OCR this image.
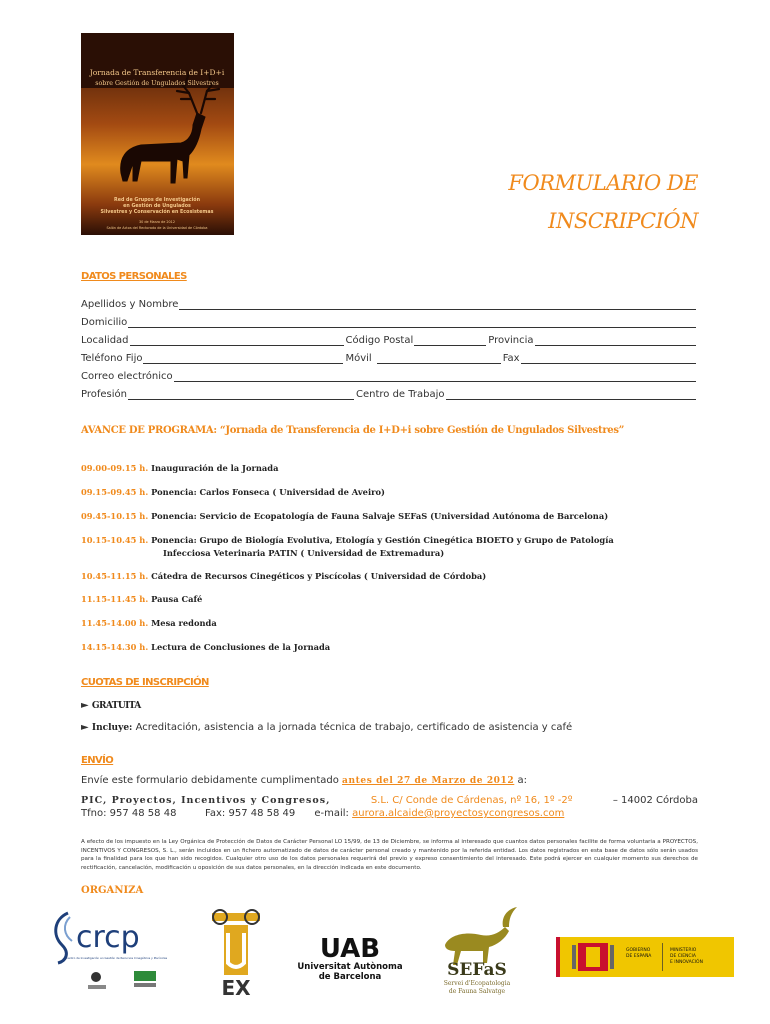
Jornada de Transferencia de I+D+i
sobre Gestión de Ungulados Silvestres
Red de Grupos de Investigación
en Gestión de Ungulados
Silvestres y Conservación en Ecosistemas
30 de Marzo de 2012
Salón de Actos del Rectorado de la Universidad de Córdoba
FORMULARIO DE
INSCRIPCIÓN
DATOS PERSONALES
Apellidos y Nombre
Domicilio
Localidad	Código Postal	Provincia
Teléfono Fijo	Móvil	Fax
Correo electrónico
Profesión	Centro de Trabajo
AVANCE DE PROGRAMA: “Jornada de Transferencia de I+D+i sobre Gestión de Ungulados Silvestres”
09.00-09.15 h. Inauguración de la Jornada
09.15-09.45 h. Ponencia: Carlos Fonseca ( Universidad de Aveiro)
09.45-10.15 h. Ponencia: Servicio de Ecopatología de Fauna Salvaje SEFaS (Universidad Autónoma de Barcelona)
10.15-10.45 h. Ponencia: Grupo de Biología Evolutiva, Etología y Gestión Cinegética BIOETO y Grupo de Patología
Infecciosa Veterinaria PATIN ( Universidad de Extremadura)
10.45-11.15 h. Cátedra de Recursos Cinegéticos y Piscícolas ( Universidad de Córdoba)
11.15-11.45 h. Pausa Café
11.45-14.00 h. Mesa redonda
14.15-14.30 h. Lectura de Conclusiones de la Jornada
CUOTAS DE INSCRIPCIÓN
► GRATUITA
► Incluye: Acreditación, asistencia a la jornada técnica de trabajo, certificado de asistencia y café
ENVÍO
Envíe este formulario debidamente cumplimentado antes del 27 de Marzo de 2012 a:
PIC, Proyectos, Incentivos y Congresos,	S.L. C/ Conde de Cárdenas, nº 16, 1º -2º	– 14002 Córdoba
Tfno: 957 48 58 48	Fax: 957 48 58 49 e-mail: aurora.alcaide@proyectosycongresos.com
A efecto de los impuesto en la Ley Orgánica de Protección de Datos de Carácter Personal LO 15/99, de 13 de Diciembre, se informa al interesado que cuantos datos personales facilite de forma voluntaria a PROYECTOS, INCENTIVOS Y CONGRESOS, S. L., serán incluidos en un fichero automatizado de datos de carácter personal creado y mantenido por la referida entidad. Los datos registrados en esta base de datos sólo serán usados para la finalidad para los que han sido recogidos. Cualquier otro uso de los datos personales requerirá del previo y expreso consentimiento del interesado. Este podrá ejercer en cualquier momento sus derechos de rectificación, cancelación, modificación u oposición de sus datos personales, en la dirección indicada en este documento.
ORGANIZA
crcp
Centro de Investigación en Gestión de Recursos Cinegéticos y Piscícolas
EX
UAB
Universitat Autònoma
de Barcelona	SEFaS
Servei d'Ecopatologia
de Fauna Salvatge
GOBIERNO
DE ESPAÑA
MINISTERIO
DE CIENCIA
E INNOVACIÓN
